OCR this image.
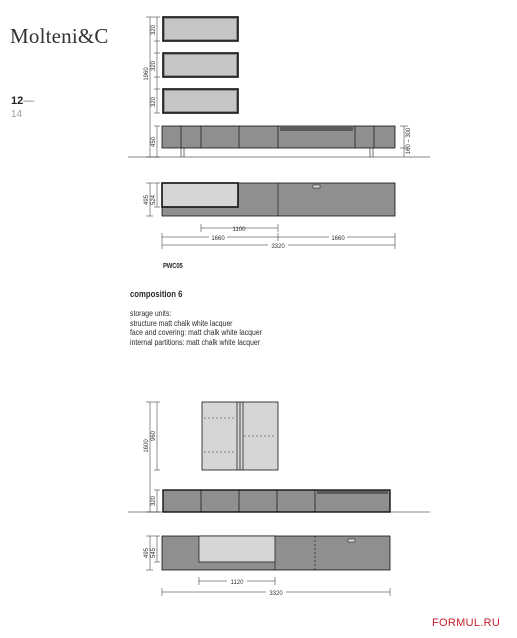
Molteni&C
12—
14
320
320
320
1960
450	160 – 300
495 524
1100
1660	1660
3320
1600
960
320
495 545
1120
3320
PWC05
composition 6
storage units:
structure matt chalk white lacquer
face and covering: matt chalk white lacquer
internal partitions: matt chalk white lacquer
FORMUL.RU
